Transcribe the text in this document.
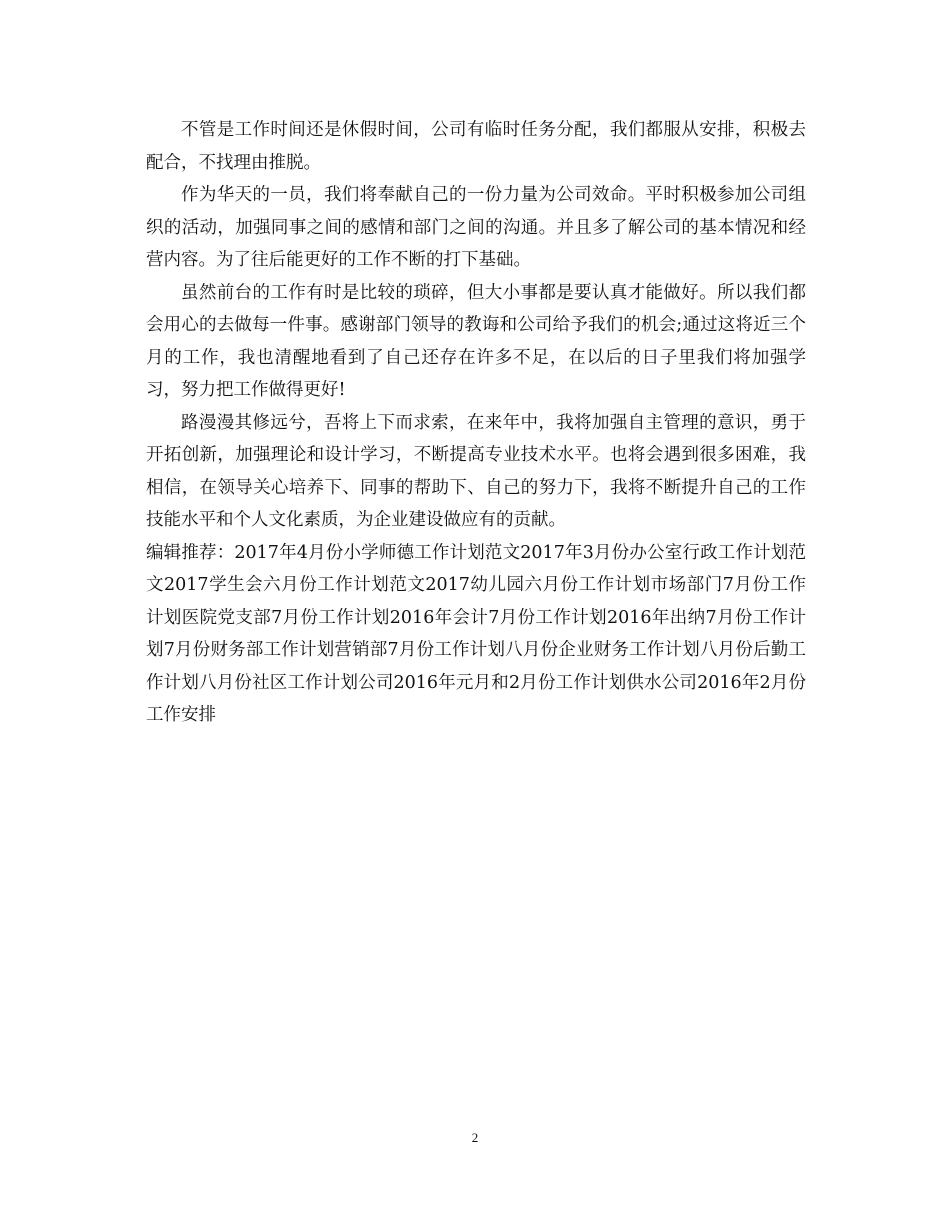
不管是工作时间还是休假时间，公司有临时任务分配，我们都服从安排，积极去配合，不找理由推脱。

作为华天的一员，我们将奉献自己的一份力量为公司效命。平时积极参加公司组织的活动，加强同事之间的感情和部门之间的沟通。并且多了解公司的基本情况和经营内容。为了往后能更好的工作不断的打下基础。

虽然前台的工作有时是比较的琐碎，但大小事都是要认真才能做好。所以我们都会用心的去做每一件事。感谢部门领导的教诲和公司给予我们的机会;通过这将近三个月的工作，我也清醒地看到了自己还存在许多不足，在以后的日子里我们将加强学习，努力把工作做得更好!

路漫漫其修远兮，吾将上下而求索，在来年中，我将加强自主管理的意识，勇于开拓创新，加强理论和设计学习，不断提高专业技术水平。也将会遇到很多困难，我相信，在领导关心培养下、同事的帮助下、自己的努力下，我将不断提升自己的工作技能水平和个人文化素质，为企业建设做应有的贡献。

编辑推荐：2017年4月份小学师德工作计划范文2017年3月份办公室行政工作计划范文2017学生会六月份工作计划范文2017幼儿园六月份工作计划市场部门7月份工作计划医院党支部7月份工作计划2016年会计7月份工作计划2016年出纳7月份工作计划7月份财务部工作计划营销部7月份工作计划八月份企业财务工作计划八月份后勤工作计划八月份社区工作计划公司2016年元月和2月份工作计划供水公司2016年2月份工作安排

2
